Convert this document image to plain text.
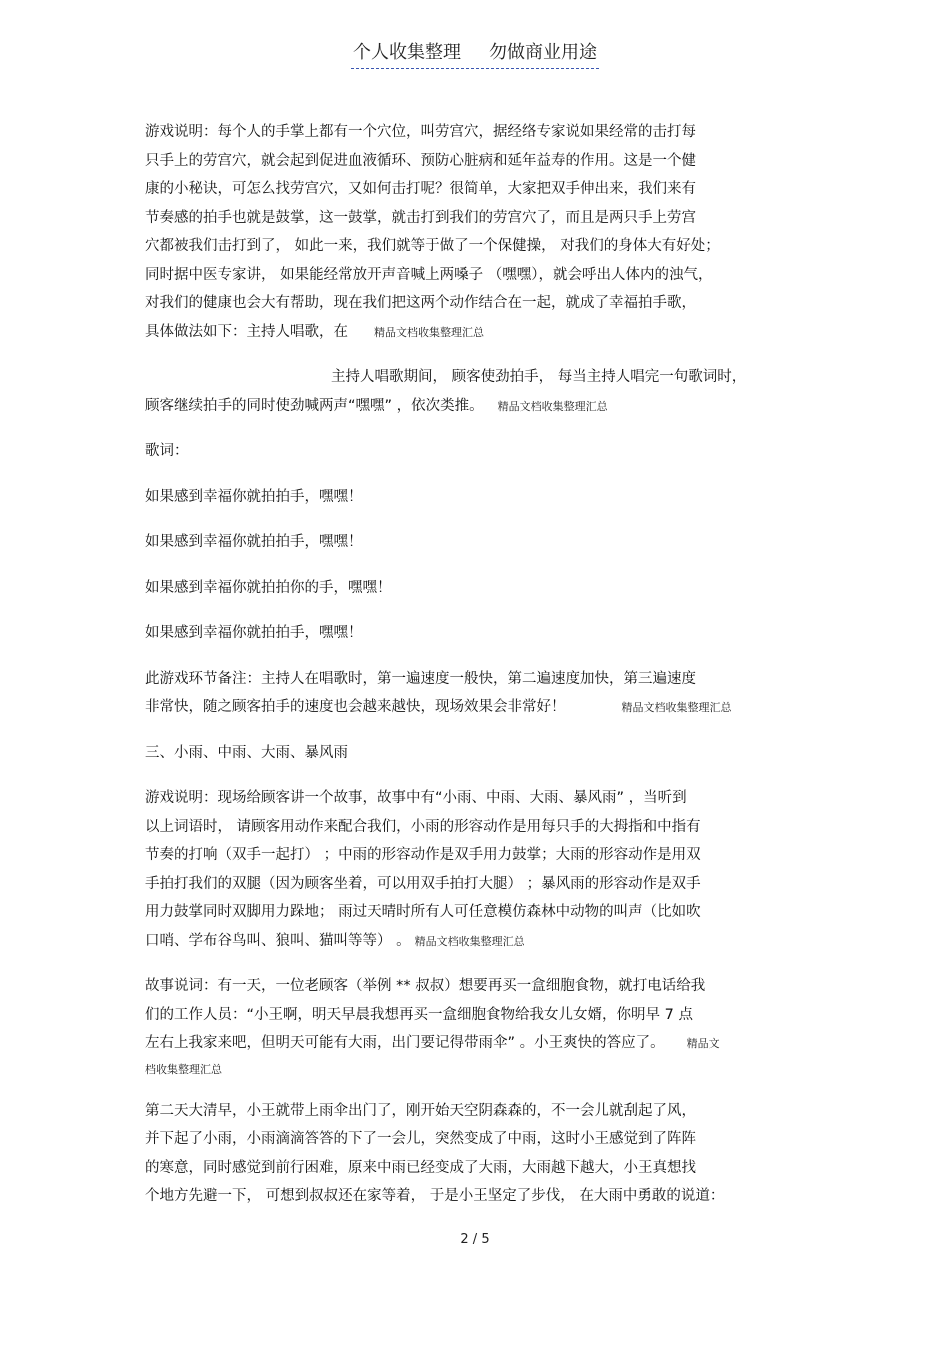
个人收集整理 勿做商业用途
游戏说明：每个人的手掌上都有一个穴位，叫劳宫穴，据经络专家说如果经常的击打每
只手上的劳宫穴，就会起到促进血液循环、预防心脏病和延年益寿的作用。这是一个健
康的小秘诀，可怎么找劳宫穴，又如何击打呢？很简单，大家把双手伸出来，我们来有
节奏感的拍手也就是鼓掌，这一鼓掌，就击打到我们的劳宫穴了，而且是两只手上劳宫
穴都被我们击打到了， 如此一来，我们就等于做了一个保健操， 对我们的身体大有好处；
同时据中医专家讲， 如果能经常放开声音喊上两嗓子 （嘿嘿），就会呼出人体内的浊气，
对我们的健康也会大有帮助，现在我们把这两个动作结合在一起，就成了幸福拍手歌，
具体做法如下：主持人唱歌，在 精品文档收集整理汇总
主持人唱歌期间， 顾客使劲拍手， 每当主持人唱完一句歌词时，
顾客继续拍手的同时使劲喊两声“嘿嘿” ，依次类推。 精品文档收集整理汇总
歌词：
如果感到幸福你就拍拍手，嘿嘿！
如果感到幸福你就拍拍手，嘿嘿！
如果感到幸福你就拍拍你的手，嘿嘿！
如果感到幸福你就拍拍手，嘿嘿！
此游戏环节备注：主持人在唱歌时，第一遍速度一般快，第二遍速度加快，第三遍速度
非常快，随之顾客拍手的速度也会越来越快，现场效果会非常好！	精品文档收集整理汇总
三、小雨、中雨、大雨、暴风雨
游戏说明：现场给顾客讲一个故事，故事中有“小雨、中雨、大雨、暴风雨” ，当听到
以上词语时， 请顾客用动作来配合我们，小雨的形容动作是用每只手的大拇指和中指有
节奏的打响（双手一起打） ；中雨的形容动作是双手用力鼓掌；大雨的形容动作是用双
手拍打我们的双腿（因为顾客坐着，可以用双手拍打大腿） ；暴风雨的形容动作是双手
用力鼓掌同时双脚用力跺地； 雨过天晴时所有人可任意模仿森林中动物的叫声（比如吹
口哨、学布谷鸟叫、狼叫、猫叫等等） 。 精品文档收集整理汇总
故事说词：有一天，一位老顾客（举例 ** 叔叔）想要再买一盒细胞食物，就打电话给我
们的工作人员：“小王啊，明天早晨我想再买一盒细胞食物给我女儿女婿，你明早 7 点
左右上我家来吧，但明天可能有大雨，出门要记得带雨伞” 。小王爽快的答应了。 精品文
档收集整理汇总
第二天大清早，小王就带上雨伞出门了，刚开始天空阴森森的，不一会儿就刮起了风，
并下起了小雨，小雨滴滴答答的下了一会儿，突然变成了中雨，这时小王感觉到了阵阵
的寒意，同时感觉到前行困难，原来中雨已经变成了大雨，大雨越下越大，小王真想找
个地方先避一下， 可想到叔叔还在家等着， 于是小王坚定了步伐， 在大雨中勇敢的说道：
2 / 5
